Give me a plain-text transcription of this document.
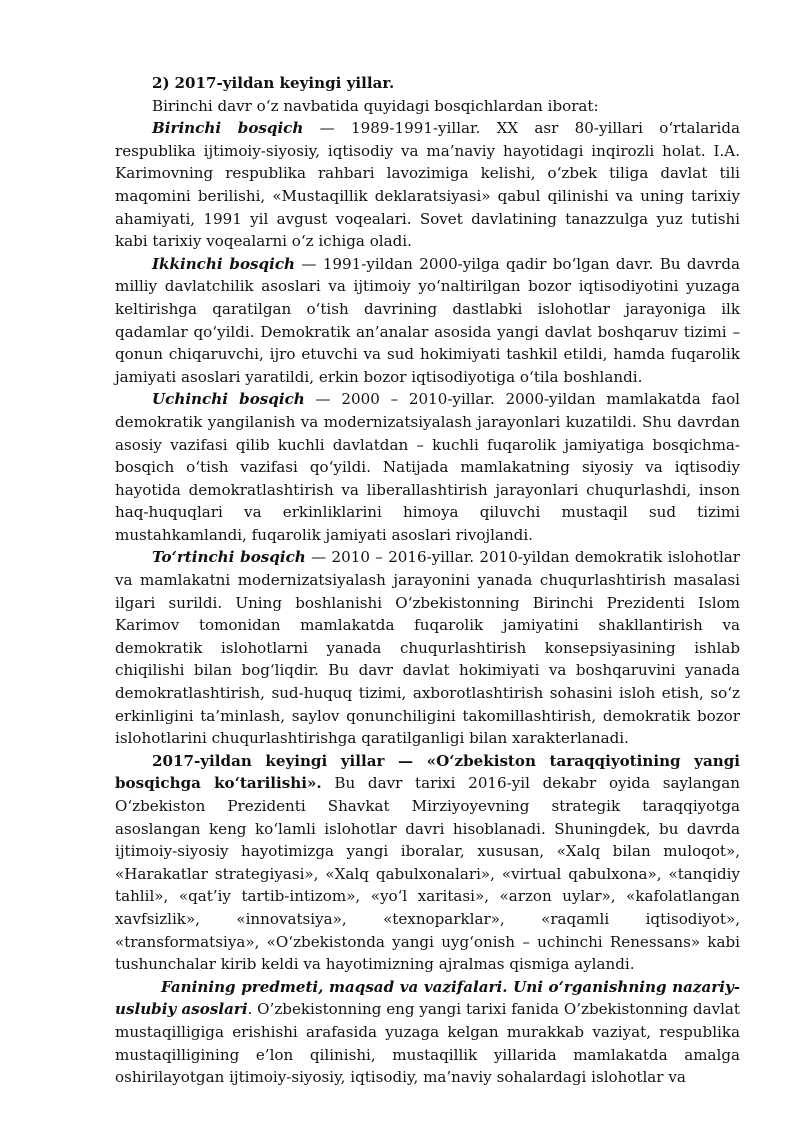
2) 2017-yildan keyingi yillar.

Birinchi davr o‘z navbatida quyidagi bosqichlardan iborat:

Birinchi bosqich — 1989-1991-yillar. XX asr 80-yillari o‘rtalarida respublika ijtimoiy-siyosiy, iqtisodiy va ma’naviy hayotidagi inqirozli holat. I.A. Karimovning respublika rahbari lavozimiga kelishi, o‘zbek tiliga davlat tili maqomini berilishi, «Mustaqillik deklaratsiyasi» qabul qilinishi va uning tarixiy ahamiyati, 1991 yil avgust voqealari. Sovet davlatining tanazzulga yuz tutishi kabi tarixiy voqealarni o‘z ichiga oladi.

Ikkinchi bosqich — 1991-yildan 2000-yilga qadir bo‘lgan davr. Bu davrda milliy davlatchilik asoslari va ijtimoiy yo‘naltirilgan bozor iqtisodiyotini yuzaga keltirishga qaratilgan o‘tish davrining dastlabki islohotlar jarayoniga ilk qadamlar qo‘yildi. Demokratik an’analar asosida yangi davlat boshqaruv tizimi – qonun chiqaruvchi, ijro etuvchi va sud hokimiyati tashkil etildi, hamda fuqarolik jamiyati asoslari yaratildi, erkin bozor iqtisodiyotiga o‘tila boshlandi.

Uchinchi bosqich — 2000 – 2010-yillar. 2000-yildan mamlakatda faol demokratik yangilanish va modernizatsiyalash jarayonlari kuzatildi. Shu davrdan asosiy vazifasi qilib kuchli davlatdan – kuchli fuqarolik jamiyatiga bosqichma-bosqich o‘tish vazifasi qo‘yildi. Natijada mamlakatning siyosiy va iqtisodiy hayotida demokratlashtirish va liberallashtirish jarayonlari chuqurlashdi, inson haq-huquqlari va erkinliklarini himoya qiluvchi mustaqil sud tizimi mustahkamlandi, fuqarolik jamiyati asoslari rivojlandi.

To‘rtinchi bosqich — 2010 – 2016-yillar. 2010-yildan demokratik islohotlar va mamlakatni modernizatsiyalash jarayonini yanada chuqurlashtirish masalasi ilgari surildi. Uning boshlanishi O‘zbekistonning Birinchi Prezidenti Islom Karimov tomonidan mamlakatda fuqarolik jamiyatini shakllantirish va demokratik islohotlarni yanada chuqurlashtirish konsepsiyasining ishlab chiqilishi bilan bog‘liqdir. Bu davr davlat hokimiyati va boshqaruvini yanada demokratlashtirish, sud-huquq tizimi, axborotlashtirish sohasini isloh etish, so‘z erkinligini ta’minlash, saylov qonunchiligini takomillashtirish, demokratik bozor islohotlarini chuqurlashtirishga qaratilganligi bilan xarakterlanadi.

2017-yildan keyingi yillar — «O‘zbekiston taraqqiyotining yangi bosqichga ko‘tarilishi». Bu davr tarixi 2016-yil dekabr oyida saylangan O‘zbekiston Prezidenti Shavkat Mirziyoyevning strategik taraqqiyotga asoslangan keng ko‘lamli islohotlar davri hisoblanadi. Shuningdek, bu davrda ijtimoiy-siyosiy hayotimizga yangi iboralar, xususan, «Xalq bilan muloqot», «Harakatlar strategiyasi», «Xalq qabulxonalari», «virtual qabulxona», «tanqidiy tahlil», «qat’iy tartib-intizom», «yo‘l xaritasi», «arzon uylar», «kafolatlangan xavfsizlik», «innovatsiya», «texnoparklar», «raqamli iqtisodiyot», «transformatsiya», «O‘zbekistonda yangi uyg‘onish – uchinchi Renessans» kabi tushunchalar kirib keldi va hayotimizning ajralmas qismiga aylandi.

Fanining predmeti, maqsad va vazifalari. Uni o‘rganishning nazariy-uslubiy asoslari. O’zbekistonning eng yangi tarixi fanida O’zbekistonning davlat mustaqilligiga erishishi arafasida yuzaga kelgan murakkab vaziyat, respublika mustaqilligining e’lon qilinishi, mustaqillik yillarida mamlakatda amalga oshirilayotgan ijtimoiy-siyosiy, iqtisodiy, ma’naviy sohalardagi islohotlar va
